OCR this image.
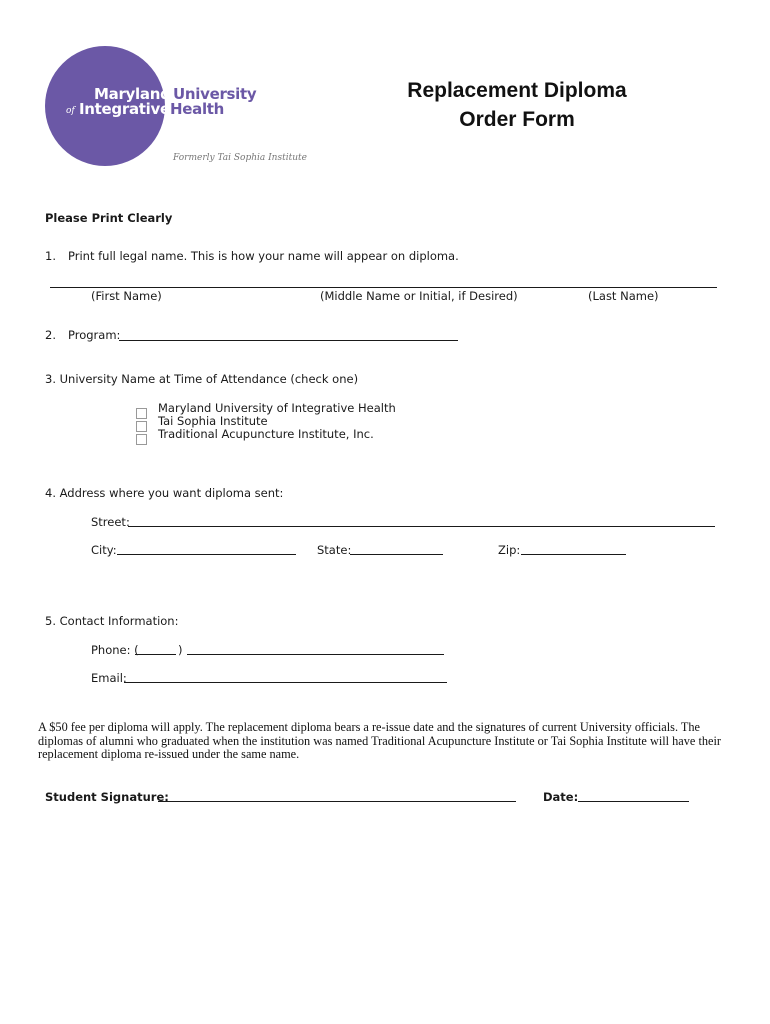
Maryland University
of Integrative Health
Formerly Tai Sophia Institute
Replacement Diploma
Order Form
Please Print Clearly
1. Print full legal name. This is how your name will appear on diploma.
(First Name)	(Middle Name or Initial, if Desired)	(Last Name)
2. Program:
3. University Name at Time of Attendance (check one)
Maryland University of Integrative Health
Tai Sophia Institute
Traditional Acupuncture Institute, Inc.
4. Address where you want diploma sent:
Street:
City:	State:	Zip:
5. Contact Information:
Phone: (	)
Email:
A $50 fee per diploma will apply. The replacement diploma bears a re-issue date and the signatures of current University officials. The diplomas of alumni who graduated when the institution was named Traditional Acupuncture Institute or Tai Sophia Institute will have their replacement diploma re-issued under the same name.
Student Signature:	Date:
